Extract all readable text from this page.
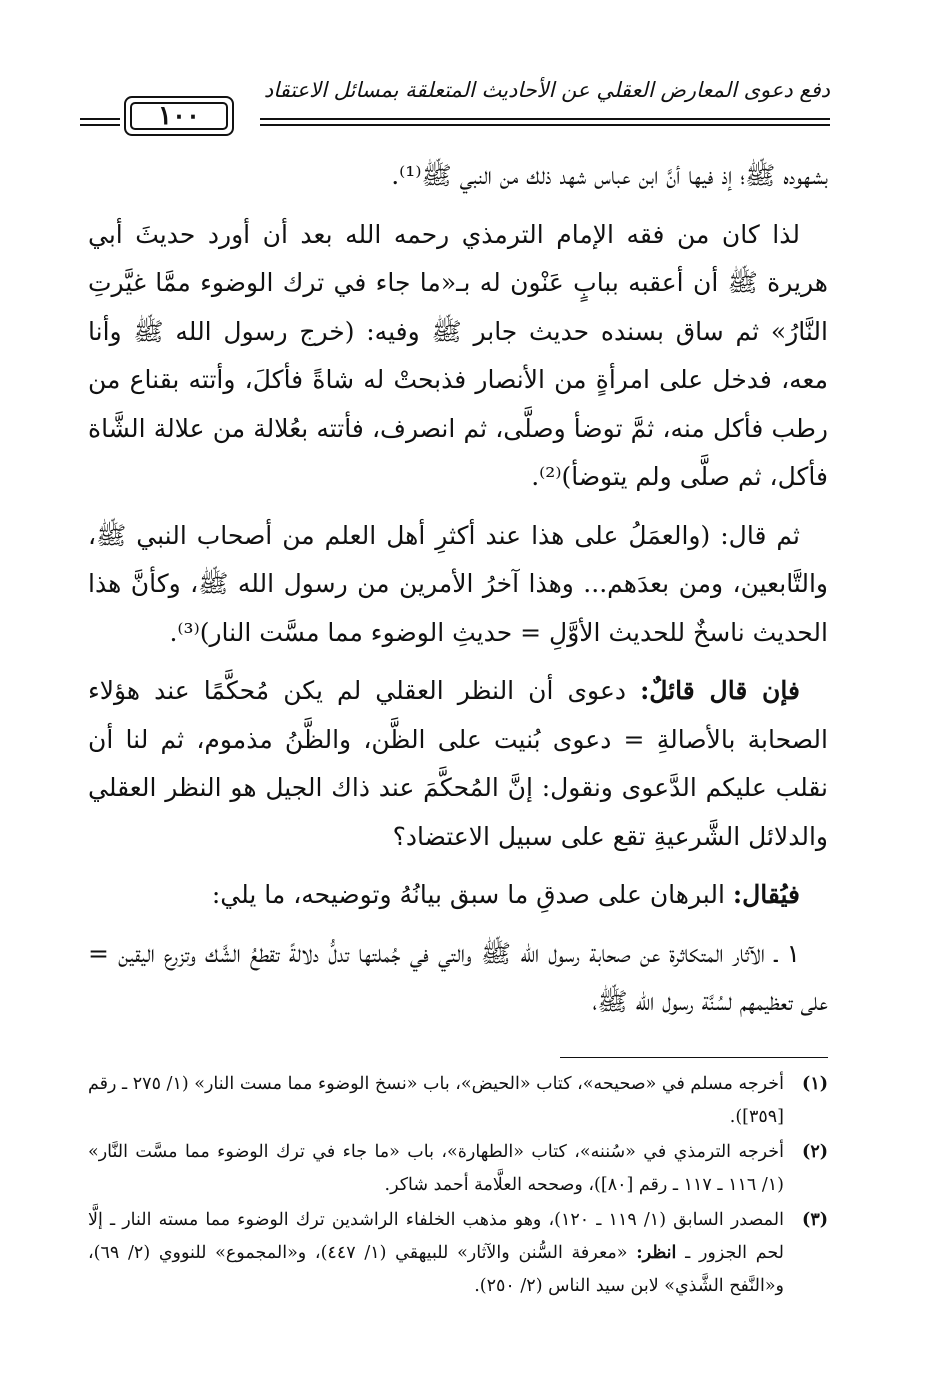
دفع دعوى المعارض العقلي عن الأحاديث المتعلقة بمسائل الاعتقاد
١٠٠

بشهوده ﷺ؛ إذ فيها أنَّ ابن عباس شهد ذلك من النبي ﷺ⁽¹⁾.

لذا كان من فقه الإمام الترمذي رحمه الله بعد أن أورد حديثَ أبي هريرة ﷺ أن أعقبه ببابٍ عَنْون له بـ«ما جاء في ترك الوضوء ممَّا غيَّرتِ النَّارُ» ثم ساق بسنده حديث جابر ﷺ وفيه: (خرج رسول الله ﷺ وأنا معه، فدخل على امرأةٍ من الأنصار فذبحتْ له شاةً فأكلَ، وأتته بقناع من رطب فأكل منه، ثمَّ توضأ وصلَّى، ثم انصرف، فأتته بعُلالة من علالة الشَّاة فأكل، ثم صلَّى ولم يتوضأ)⁽²⁾.

ثم قال: (والعمَلُ على هذا عند أكثرِ أهل العلم من أصحاب النبي ﷺ، والتَّابعين، ومن بعدَهم... وهذا آخرُ الأمرين من رسول الله ﷺ، وكأنَّ هذا الحديث ناسخٌ للحديث الأوَّلِ = حديثِ الوضوء مما مسَّت النار)⁽³⁾.

فإن قال قائلٌ: دعوى أن النظر العقلي لم يكن مُحكَّمًا عند هؤلاء الصحابة بالأصالةِ = دعوى بُنيت على الظَّن، والظَّنُ مذموم، ثم لنا أن نقلب عليكم الدَّعوى ونقول: إنَّ المُحكَّمَ عند ذاك الجيل هو النظر العقلي والدلائل الشَّرعيةِ تقع على سبيل الاعتضاد؟

فيُقال: البرهان على صدقِ ما سبق بيانُهُ وتوضيحه، ما يلي:

١ ـ الآثار المتكاثرة عن صحابة رسول الله ﷺ والتي في جُملتها تدلُّ دلالةً تقطعُ الشَّك وتزرع اليقين = على تعظيمهم لسُنَّة رسول الله ﷺ،

(١)
أخرجه مسلم في «صحيحه»، كتاب «الحيض»، باب «نسخ الوضوء مما مست النار» (١/ ٢٧٥ ـ رقم [٣٥٩]).
(٢)
أخرجه الترمذي في «سُننه»، كتاب «الطهارة»، باب «ما جاء في ترك الوضوء مما مسَّت النَّار» (١/ ١١٦ ـ ١١٧ ـ رقم [٨٠])، وصححه العلَّامة أحمد شاكر.
(٣)
المصدر السابق (١/ ١١٩ ـ ١٢٠)، وهو مذهب الخلفاء الراشدين ترك الوضوء مما مسته النار ـ إلَّا لحم الجزور ـ انظر: «معرفة السُّنن والآثار» للبيهقي (١/ ٤٤٧)، و«المجموع» للنووي (٢/ ٦٩)، و«النَّفح الشَّذي» لابن سيد الناس (٢/ ٢٥٠).
